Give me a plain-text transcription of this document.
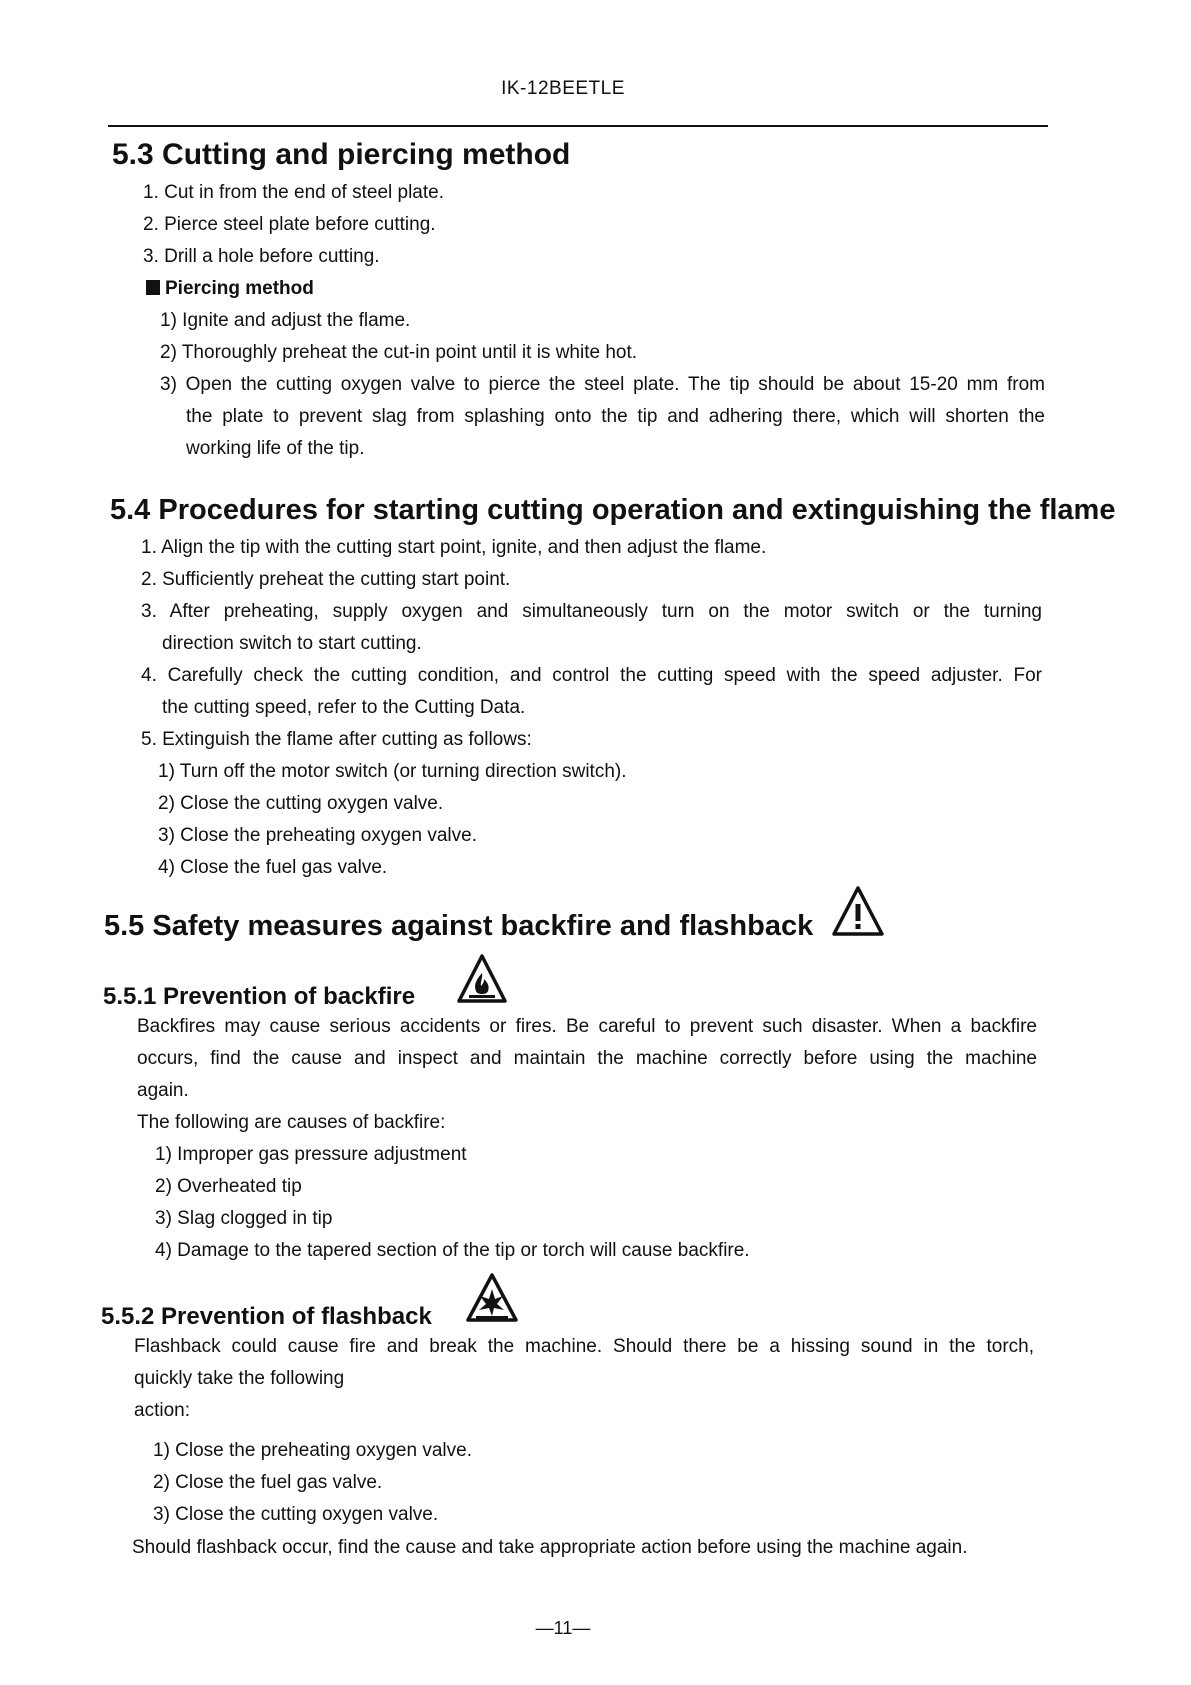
IK-12BEETLE
5.3 Cutting and piercing method
1. Cut in from the end of steel plate.
2. Pierce steel plate before cutting.
3. Drill a hole before cutting.
Piercing method
1) Ignite and adjust the flame.
2) Thoroughly preheat the cut-in point until it is white hot.
3) Open the cutting oxygen valve to pierce the steel plate. The tip should be about 15-20 mm from
the plate to prevent slag from splashing onto the tip and adhering there, which will shorten the
working life of the tip.
5.4 Procedures for starting cutting operation and extinguishing the flame
1. Align the tip with the cutting start point, ignite, and then adjust the flame.
2. Sufficiently preheat the cutting start point.
3. After preheating, supply oxygen and simultaneously turn on the motor switch or the turning
direction switch to start cutting.
4. Carefully check the cutting condition, and control the cutting speed with the speed adjuster. For
the cutting speed, refer to the Cutting Data.
5. Extinguish the flame after cutting as follows:
1) Turn off the motor switch (or turning direction switch).
2) Close the cutting oxygen valve.
3) Close the preheating oxygen valve.
4) Close the fuel gas valve.
5.5 Safety measures against backfire and flashback
5.5.1 Prevention of backfire
Backfires may cause serious accidents or fires. Be careful to prevent such disaster. When a backfire
occurs, find the cause and inspect and maintain the machine correctly before using the machine
again.
The following are causes of backfire:
1) Improper gas pressure adjustment
2) Overheated tip
3) Slag clogged in tip
4) Damage to the tapered section of the tip or torch will cause backfire.
5.5.2 Prevention of flashback
Flashback could cause fire and break the machine. Should there be a hissing sound in the torch,
quickly take the following
action:
1) Close the preheating oxygen valve.
2) Close the fuel gas valve.
3) Close the cutting oxygen valve.
Should flashback occur, find the cause and take appropriate action before using the machine again.
—11—
